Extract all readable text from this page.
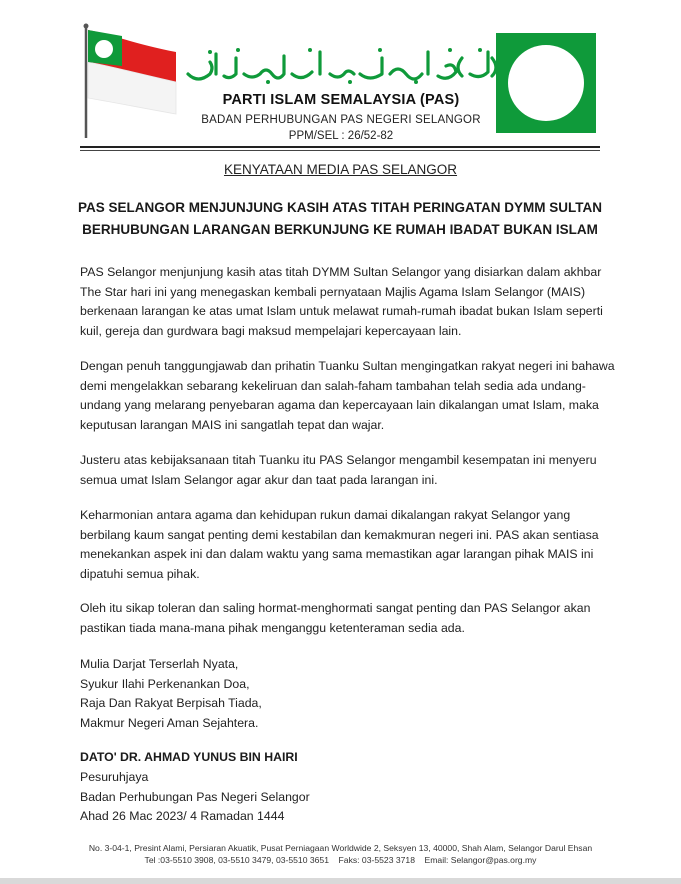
PARTI ISLAM SEMALAYSIA (PAS)
BADAN PERHUBUNGAN PAS NEGERI SELANGOR
PPM/SEL : 26/52-82
KENYATAAN MEDIA PAS SELANGOR
PAS SELANGOR MENJUNJUNG KASIH ATAS TITAH PERINGATAN DYMM SULTAN
BERHUBUNGAN LARANGAN BERKUNJUNG KE RUMAH IBADAT BUKAN ISLAM

PAS Selangor menjunjung kasih atas titah DYMM Sultan Selangor yang disiarkan dalam akhbar The Star hari ini yang menegaskan kembali pernyataan Majlis Agama Islam Selangor (MAIS) berkenaan larangan ke atas umat Islam untuk melawat rumah-rumah ibadat bukan Islam seperti kuil, gereja dan gurdwara bagi maksud mempelajari kepercayaan lain.

Dengan penuh tanggungjawab dan prihatin Tuanku Sultan mengingatkan rakyat negeri ini bahawa demi mengelakkan sebarang kekeliruan dan salah-faham tambahan telah sedia ada undang-undang yang melarang penyebaran agama dan kepercayaan lain dikalangan umat Islam, maka keputusan larangan MAIS ini sangatlah tepat dan wajar.

Justeru atas kebijaksanaan titah Tuanku itu PAS Selangor mengambil kesempatan ini menyeru semua umat Islam Selangor agar akur dan taat pada larangan ini.

Keharmonian antara agama dan kehidupan rukun damai dikalangan rakyat Selangor yang berbilang kaum sangat penting demi kestabilan dan kemakmuran negeri ini. PAS akan sentiasa menekankan aspek ini dan dalam waktu yang sama memastikan agar larangan pihak MAIS ini dipatuhi semua pihak.

Oleh itu sikap toleran dan saling hormat-menghormati sangat penting dan PAS Selangor akan pastikan tiada mana-mana pihak menganggu ketenteraman sedia ada.

Mulia Darjat Terserlah Nyata,
Syukur Ilahi Perkenankan Doa,
Raja Dan Rakyat Berpisah Tiada,
Makmur Negeri Aman Sejahtera.
DATO' DR. AHMAD YUNUS BIN HAIRI
Pesuruhjaya
Badan Perhubungan Pas Negeri Selangor
Ahad 26 Mac 2023/ 4 Ramadan 1444
No. 3-04-1, Presint Alami, Persiaran Akuatik, Pusat Perniagaan Worldwide 2, Seksyen 13, 40000, Shah Alam, Selangor Darul Ehsan
Tel :03-5510 3908, 03-5510 3479, 03-5510 3651    Faks: 03-5523 3718    Email: Selangor@pas.org.my
